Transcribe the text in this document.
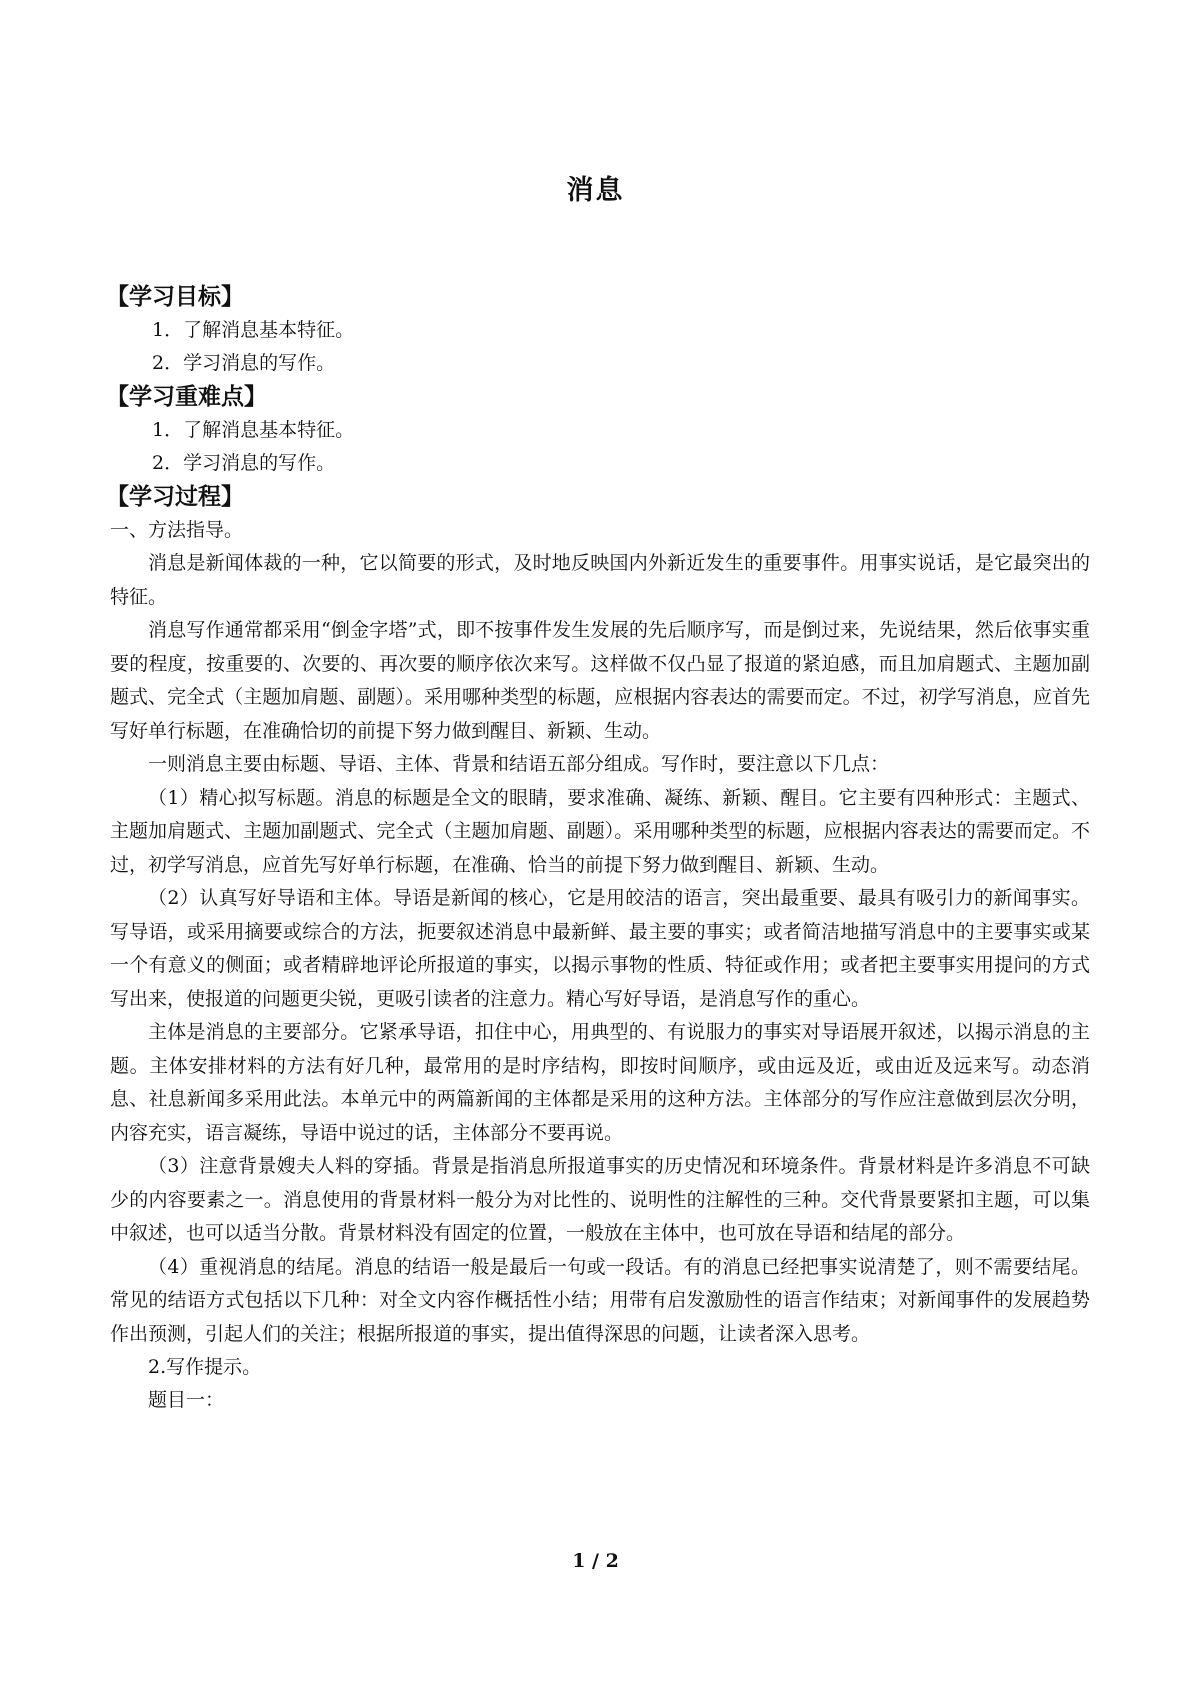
消息
【学习目标】
1．了解消息基本特征。
2．学习消息的写作。
【学习重难点】
1．了解消息基本特征。
2．学习消息的写作。
【学习过程】
一、方法指导。

消息是新闻体裁的一种，它以简要的形式，及时地反映国内外新近发生的重要事件。用事实说话，是它最突出的特征。

消息写作通常都采用“倒金字塔”式，即不按事件发生发展的先后顺序写，而是倒过来，先说结果，然后依事实重要的程度，按重要的、次要的、再次要的顺序依次来写。这样做不仅凸显了报道的紧迫感，而且加肩题式、主题加副题式、完全式（主题加肩题、副题）。采用哪种类型的标题，应根据内容表达的需要而定。不过，初学写消息，应首先写好单行标题，在准确恰切的前提下努力做到醒目、新颖、生动。

一则消息主要由标题、导语、主体、背景和结语五部分组成。写作时，要注意以下几点：

（1）精心拟写标题。消息的标题是全文的眼睛，要求准确、凝练、新颖、醒目。它主要有四种形式：主题式、主题加肩题式、主题加副题式、完全式（主题加肩题、副题）。采用哪种类型的标题，应根据内容表达的需要而定。不过，初学写消息，应首先写好单行标题，在准确、恰当的前提下努力做到醒目、新颖、生动。

（2）认真写好导语和主体。导语是新闻的核心，它是用皎洁的语言，突出最重要、最具有吸引力的新闻事实。写导语，或采用摘要或综合的方法，扼要叙述消息中最新鲜、最主要的事实；或者简洁地描写消息中的主要事实或某一个有意义的侧面；或者精辟地评论所报道的事实，以揭示事物的性质、特征或作用；或者把主要事实用提问的方式写出来，使报道的问题更尖锐，更吸引读者的注意力。精心写好导语，是消息写作的重心。

主体是消息的主要部分。它紧承导语，扣住中心，用典型的、有说服力的事实对导语展开叙述，以揭示消息的主题。主体安排材料的方法有好几种，最常用的是时序结构，即按时间顺序，或由远及近，或由近及远来写。动态消息、社息新闻多采用此法。本单元中的两篇新闻的主体都是采用的这种方法。主体部分的写作应注意做到层次分明，内容充实，语言凝练，导语中说过的话，主体部分不要再说。

（3）注意背景嫂夫人料的穿插。背景是指消息所报道事实的历史情况和环境条件。背景材料是许多消息不可缺少的内容要素之一。消息使用的背景材料一般分为对比性的、说明性的注解性的三种。交代背景要紧扣主题，可以集中叙述，也可以适当分散。背景材料没有固定的位置，一般放在主体中，也可放在导语和结尾的部分。

（4）重视消息的结尾。消息的结语一般是最后一句或一段话。有的消息已经把事实说清楚了，则不需要结尾。常见的结语方式包括以下几种：对全文内容作概括性小结；用带有启发激励性的语言作结束；对新闻事件的发展趋势作出预测，引起人们的关注；根据所报道的事实，提出值得深思的问题，让读者深入思考。

2.写作提示。
题目一：
1 / 2
